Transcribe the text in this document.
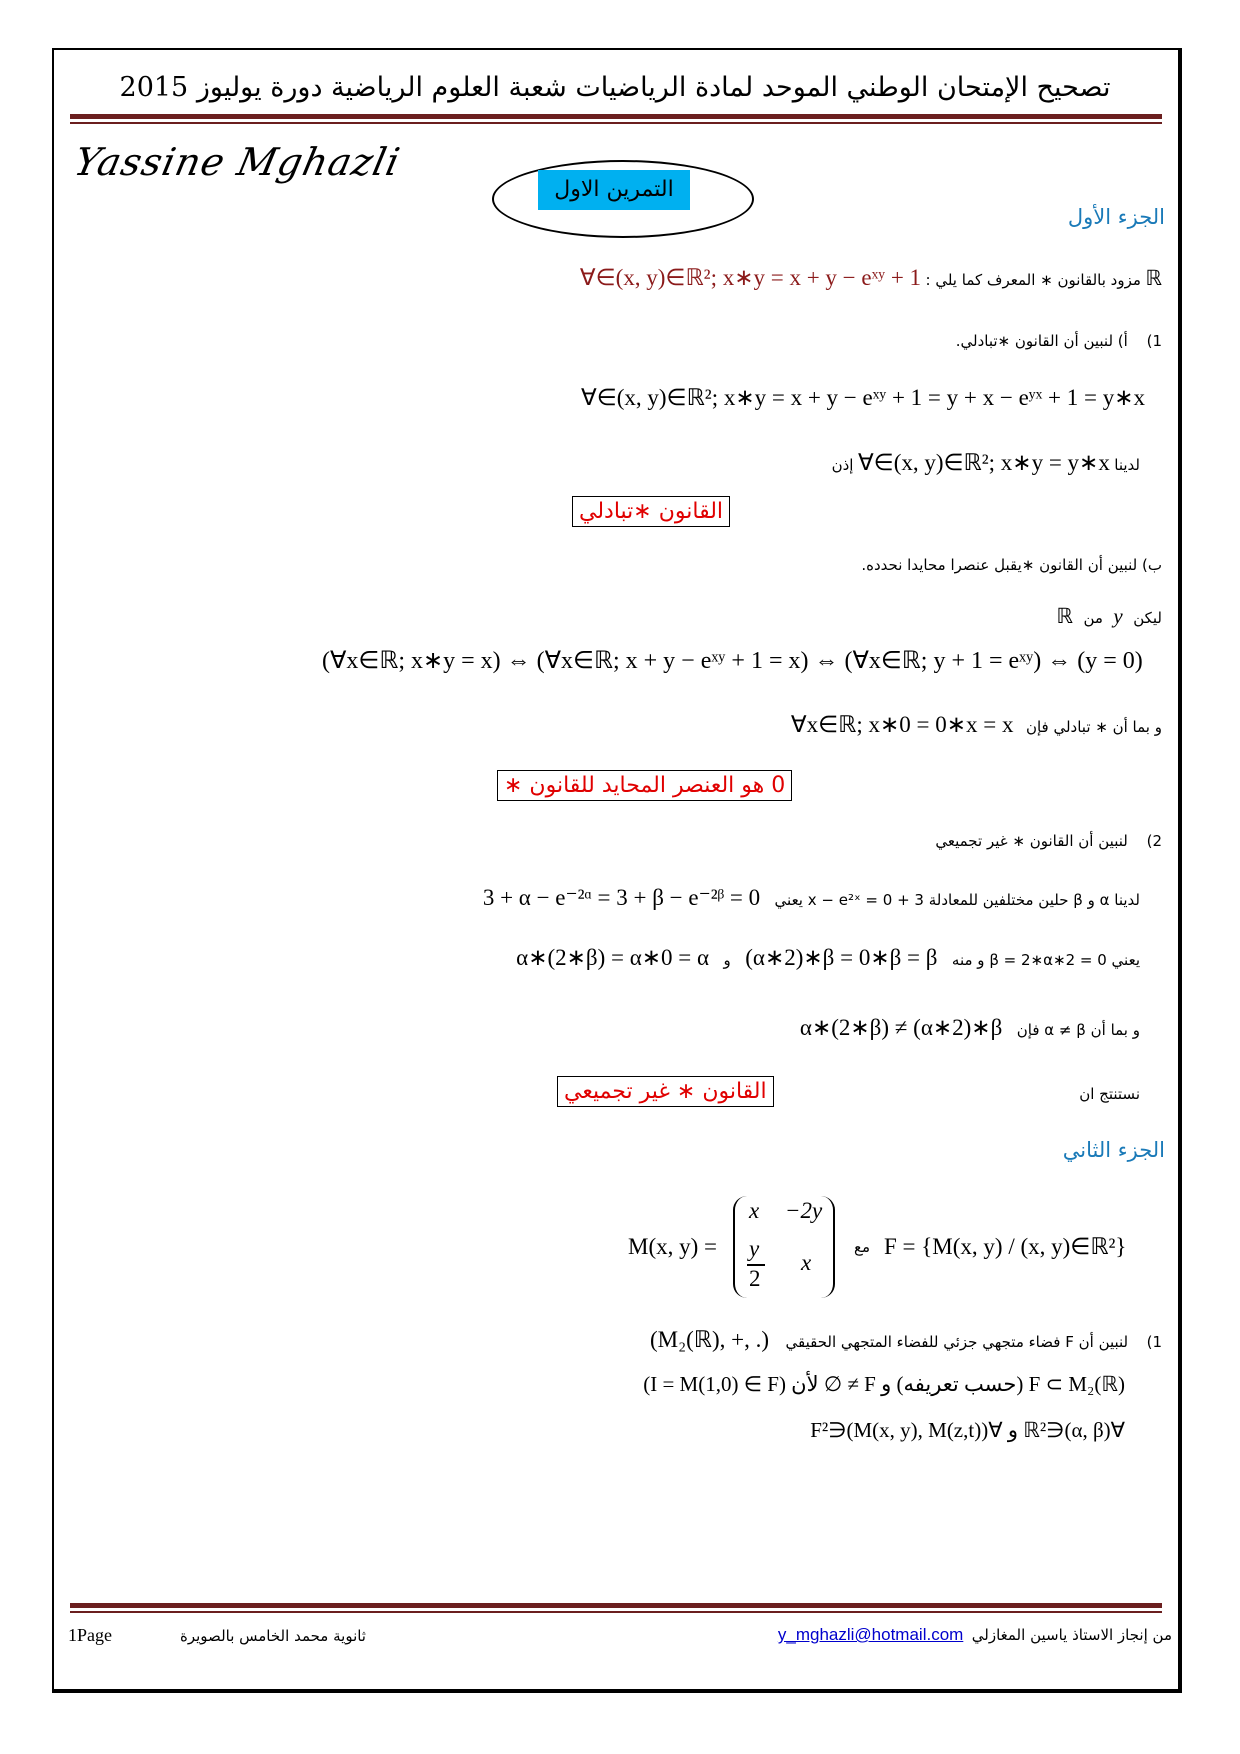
تصحيح الإمتحان الوطني الموحد لمادة الرياضيات شعبة العلوم الرياضية دورة يوليوز 2015
Yassine Mghazli
التمرين الاول
الجزء الأول
ℝ مزود بالقانون ∗ المعرف كما يلي : ∀∈(x, y)∈ℝ²; x∗y = x + y − eˣʸ + 1
1) أ) لنبين أن القانون ∗تبادلي.
∀∈(x, y)∈ℝ²; x∗y = x + y − eˣʸ + 1 = y + x − eʸˣ + 1 = y∗x
لدينا ∀∈(x, y)∈ℝ²; x∗y = y∗x إذن
القانون ∗تبادلي
ب) لنبين أن القانون ∗يقبل عنصرا محايدا نحدده.
ليكن y من ℝ
(∀x∈ℝ; x∗y = x) ⇔ (∀x∈ℝ; x + y − eˣʸ + 1 = x) ⇔ (∀x∈ℝ; y + 1 = eˣʸ) ⇔ (y = 0)
و بما أن ∗ تبادلي فإن ∀x∈ℝ; x∗0 = 0∗x = x
0 هو العنصر المحايد للقانون ∗
2) لنبين أن القانون ∗ غير تجميعي
لدينا α و β حلين مختلفين للمعادلة 3 + x − e²ˣ = 0 يعني 3 + α − e⁻²ᵅ = 3 + β − e⁻²ᵝ = 0
يعني 0 = 2∗β = 2∗α و منه (α∗2)∗β = 0∗β = β و α∗(2∗β) = α∗0 = α
و بما أن α ≠ β فإن α∗(2∗β) ≠ (α∗2)∗β
نستنتج ان
القانون ∗ غير تجميعي
الجزء الثاني
M(x, y) =
x −2y
y
2
x
مع F = {M(x, y) / (x, y)∈ℝ²}
1) لنبين أن F فضاء متجهي جزئي للفضاء المتجهي الحقيقي (M₂(ℝ), +, .)
F ⊂ M₂(ℝ) (حسب تعريفه) و F ≠ ∅ لأن (I = M(1,0) ∈ F)
∀(α, β)∈ℝ² و ∀(M(x, y), M(z,t))∈F²
من إنجاز الاستاذ ياسين المغازلي y_mghazli@hotmail.com
ثانوية محمد الخامس بالصويرة
1Page
